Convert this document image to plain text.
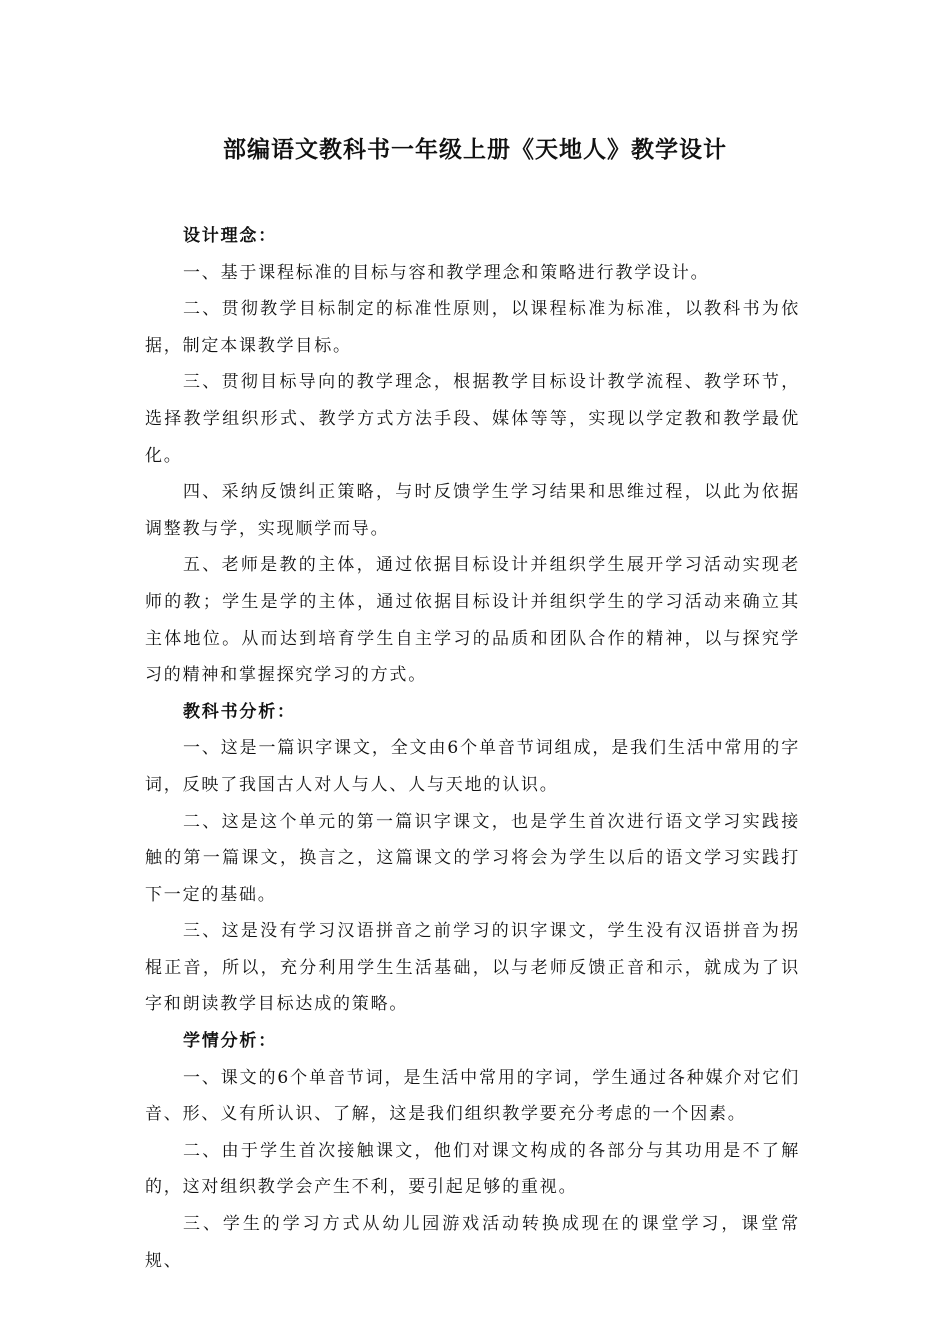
部编语文教科书一年级上册《天地人》教学设计

设计理念：

一、基于课程标准的目标与容和教学理念和策略进行教学设计。

二、贯彻教学目标制定的标准性原则，以课程标准为标准，以教科书为依据，制定本课教学目标。

三、贯彻目标导向的教学理念，根据教学目标设计教学流程、教学环节，选择教学组织形式、教学方式方法手段、媒体等等，实现以学定教和教学最优化。

四、采纳反馈纠正策略，与时反馈学生学习结果和思维过程，以此为依据调整教与学，实现顺学而导。

五、老师是教的主体，通过依据目标设计并组织学生展开学习活动实现老师的教；学生是学的主体，通过依据目标设计并组织学生的学习活动来确立其主体地位。从而达到培育学生自主学习的品质和团队合作的精神，以与探究学习的精神和掌握探究学习的方式。

教科书分析：

一、这是一篇识字课文，全文由6个单音节词组成，是我们生活中常用的字词，反映了我国古人对人与人、人与天地的认识。

二、这是这个单元的第一篇识字课文，也是学生首次进行语文学习实践接触的第一篇课文，换言之，这篇课文的学习将会为学生以后的语文学习实践打下一定的基础。

三、这是没有学习汉语拼音之前学习的识字课文，学生没有汉语拼音为拐棍正音，所以，充分利用学生生活基础，以与老师反馈正音和示，就成为了识字和朗读教学目标达成的策略。

学情分析：

一、课文的6个单音节词，是生活中常用的字词，学生通过各种媒介对它们音、形、义有所认识、了解，这是我们组织教学要充分考虑的一个因素。

二、由于学生首次接触课文，他们对课文构成的各部分与其功用是不了解的，这对组织教学会产生不利，要引起足够的重视。

三、学生的学习方式从幼儿园游戏活动转换成现在的课堂学习，课堂常规、
